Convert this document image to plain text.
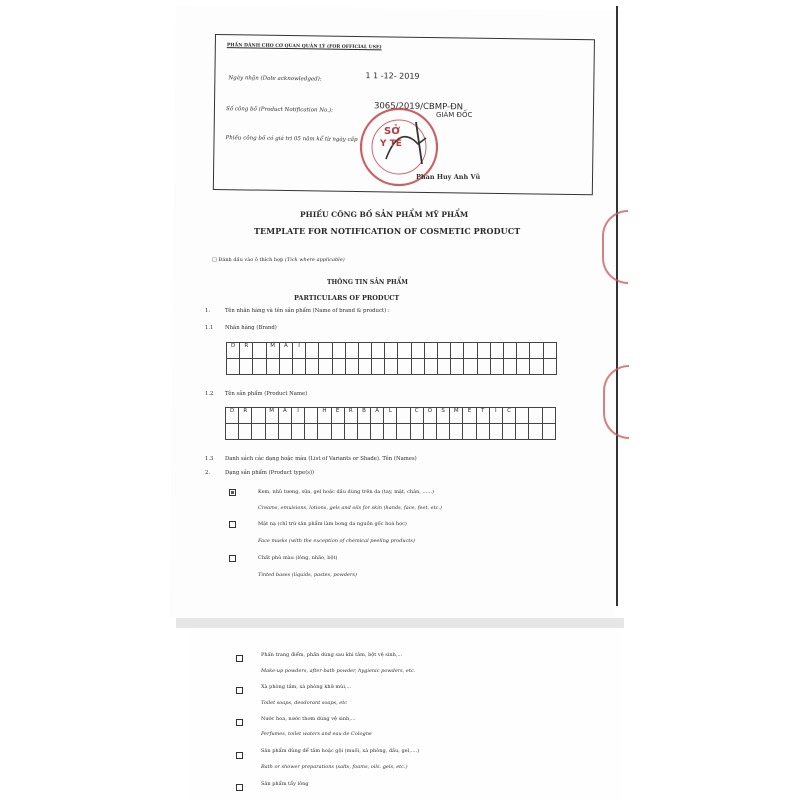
PHẦN DÀNH CHO CƠ QUAN QUẢN LÝ (FOR OFFICIAL USE)
Ngày nhận (Date acknowledged):	1 1 -12- 2019
Số công bố (Product Notification No.):	3065/2019/CBMP-ĐN
Phiếu công bố có giá trị 05 năm kể từ ngày cấp
SỞ
Y TẾ
GIÁM ĐỐC
Phan Huy Anh Vũ
PHIẾU CÔNG BỐ SẢN PHẨM MỸ PHẨM
TEMPLATE FOR NOTIFICATION OF COSMETIC PRODUCT
□ Đánh dấu vào ô thích hợp (Tick where applicable)
THÔNG TIN SẢN PHẨM
PARTICULARS OF PRODUCT
1.	Tên nhãn hàng và tên sản phẩm (Name of brand & product) :
1.1 Nhãn hàng (Brand)
1.2 Tên sản phẩm (Product Name)
1.3 Danh sách các dạng hoặc màu (List of Variants or Shade). Tên (Names)
2.	Dạng sản phẩm (Product type(s))
D	R		M	A	I																			

D	R		M	A	I		H	E	R	B	A	L		C	O	S	M	E	T	I	C			

Kem, nhũ tương, sữa, gel hoặc dầu dùng trên da (tay, mặt, chân, ......)
Creams, emulsions, lotions, gels and oils for skin (hands, face, feet, etc.)
Mặt nạ (chỉ trừ sản phẩm làm bong da nguồn gốc hoá học)
Face masks (with the exception of chemical peeling products)
Chất phủ màu (lỏng, nhão, bột)
Tinted bases (liquids, pastes, powders)
Phấn trang điểm, phấn dùng sau khi tắm, bột vệ sinh,...
Make-up powders, after-bath powder, hygienic powders, etc.
Xà phòng tắm, xà phòng khử mùi,...
Toilet soaps, deodorant soaps, etc
Nước hoa, nước thơm dùng vệ sinh,...
Perfumes, toilet waters and eau de Cologne
Sản phẩm dùng để tắm hoặc gội (muối, xà phòng, dầu, gel,....)
Bath or shower preparations (salts, foams, oils. gels, etc.)
Sản phẩm tẩy lông
